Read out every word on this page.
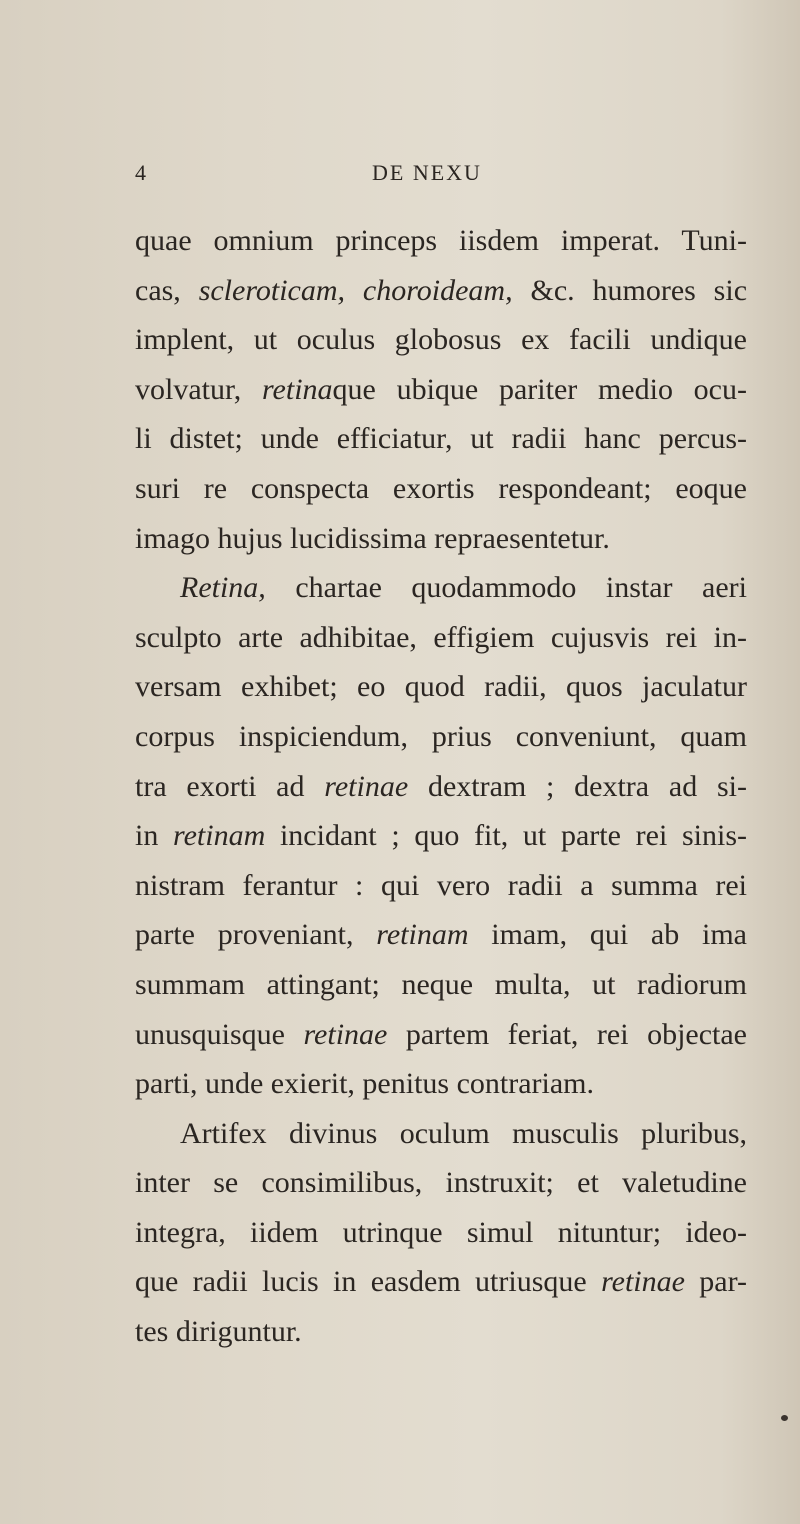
4	DE NEXU
quae omnium princeps iisdem imperat. Tuni-
cas, scleroticam, choroideam, &c. humores sic
implent, ut oculus globosus ex facili undique
volvatur, retinaque ubique pariter medio ocu-
li distet; unde efficiatur, ut radii hanc percus-
suri re conspecta exortis respondeant; eoque
imago hujus lucidissima repraesentetur.
Retina, chartae quodammodo instar aeri
sculpto arte adhibitae, effigiem cujusvis rei in-
versam exhibet; eo quod radii, quos jaculatur
corpus inspiciendum, prius conveniunt, quam
tra exorti ad retinae dextram ; dextra ad si-
in retinam incidant ; quo fit, ut parte rei sinis-
nistram ferantur : qui vero radii a summa rei
parte proveniant, retinam imam, qui ab ima
summam attingant; neque multa, ut radiorum
unusquisque retinae partem feriat, rei objectae
parti, unde exierit, penitus contrariam.
Artifex divinus oculum musculis pluribus,
inter se consimilibus, instruxit; et valetudine
integra, iidem utrinque simul nituntur; ideo-
que radii lucis in easdem utriusque retinae par-
tes diriguntur.
